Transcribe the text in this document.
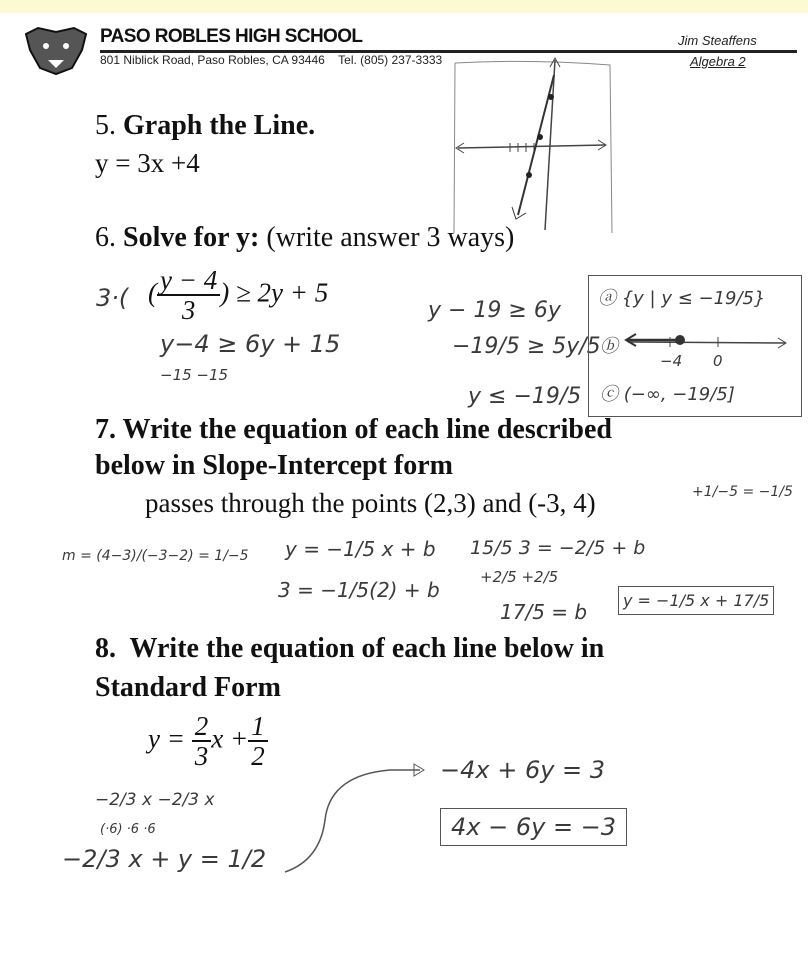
PASO ROBLES HIGH SCHOOL
801 Niblick Road, Paso Robles, CA 93446 Tel. (805) 237-3333
Jim Steaffens
Algebra 2
5. Graph the Line.
y = 3x +4
6. Solve for y: (write answer 3 ways)
( $\frac{y - 4}{3}$ ) ≥ 2y + 5
3·(
y−4 ≥ 6y + 15
−15 −15
y − 19 ≥ 6y
−19/5 ≥ 5y/5
y ≤ −19/5
ⓐ {y | y ≤ −19/5}
ⓑ
−4 0
ⓒ (−∞, −19/5]
7. Write the equation of each line described
below in Slope-Intercept form
passes through the points (2,3) and (-3, 4)	+1/−5 = −1/5
m = (4−3)/(−3−2) = 1/−5 y = −1/5 x + b
3 = −1/5(2) + b
15/5 3 = −2/5 + b
+2/5 +2/5
17/5 = b	y = −1/5 x + 17/5
8. Write the equation of each line below in
Standard Form
$y = \frac{2}{3}$ $x + \frac{1}{2}$
−2/3 x −2/3 x
(·6) ·6 ·6
−2/3 x + y = 1/2
−4x + 6y = 3
4x − 6y = −3
